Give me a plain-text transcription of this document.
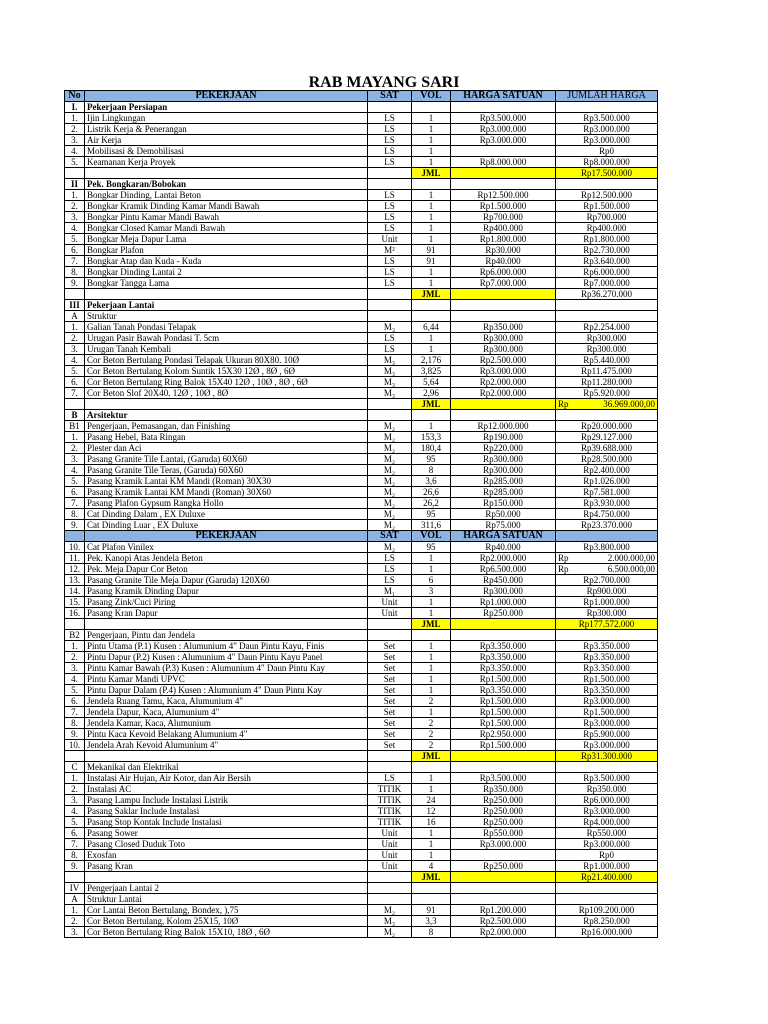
RAB MAYANG SARI
No	PEKERJAAN	SAT	VOL	HARGA SATUAN	JUMLAH HARGA
I.	Pekerjaan Persiapan				
1.	Ijin Lingkungan	LS	1	Rp3.500.000	Rp3.500.000
2.	Listrik Kerja & Penerangan	LS	1	Rp3.000.000	Rp3.000.000
3.	Air Kerja	LS	1	Rp3.000.000	Rp3.000.000
4.	Mobilisasi & Demobilisasi	LS	1		Rp0
5.	Keamanan Kerja Proyek	LS	1	Rp8.000.000	Rp8.000.000
			JML		Rp17.500.000
II	Pek. Bongkaran/Bobokan				
1.	Bongkar Dinding, Lantai Beton	LS	1	Rp12.500.000	Rp12.500.000
2.	Bongkar Kramik Dinding Kamar Mandi Bawah	LS	1	Rp1.500.000	Rp1.500.000
3.	Bongkar Pintu Kamar Mandi Bawah	LS	1	Rp700.000	Rp700.000
4.	Bongkar Closed Kamar Mandi Bawah	LS	1	Rp400.000	Rp400.000
5.	Bongkar Meja Dapur Lama	Unit	1	Rp1.800.000	Rp1.800.000
6.	Bongkar Plafon	M²	91	Rp30.000	Rp2.730.000
7.	Bongkar Atap dan Kuda - Kuda	LS	91	Rp40.000	Rp3.640.000
8.	Bongkar Dinding Lantai 2	LS	1	Rp6.000.000	Rp6.000.000
9.	Bongkar Tangga Lama	LS	1	Rp7.000.000	Rp7.000.000
			JML		Rp36.270.000
III	Pekerjaan Lantai				
A	Struktur				
1.	Galian Tanah Pondasi Telapak	M₃	6,44	Rp350.000	Rp2.254.000
2.	Urugan Pasir Bawah Pondasi T. 5cm	LS	1	Rp300.000	Rp300.000
3.	Urugan Tanah Kembali	LS	1	Rp300.000	Rp300.000
4.	Cor Beton Bertulang Pondasi Telapak Ukuran 80X80. 10Ø	M₃	2,176	Rp2.500.000	Rp5.440.000
5.	Cor Beton Bertulang Kolom Suntik 15X30 12Ø , 8Ø , 6Ø	M₃	3,825	Rp3.000.000	Rp11.475.000
6.	Cor Beton Bertulang Ring Balok 15X40 12Ø , 10Ø , 8Ø , 6Ø	M₃	5,64	Rp2.000.000	Rp11.280.000
7.	Cor Beton Slof 20X40. 12Ø , 10Ø , 8Ø	M₃	2,96	Rp2.000.000	Rp5.920.000
			JML		Rp 36.969.000,00

B	Arsitektur				
B1	Pengerjaan, Pemasangan, dan Finishing	M₂	1	Rp12.000.000	Rp20.000.000
1.	Pasang Hebel, Bata Ringan	M₂	153,3	Rp190.000	Rp29.127.000
2.	Plester dan Aci	M₂	180,4	Rp220.000	Rp39.688.000
3.	Pasang Granite Tile Lantai, (Garuda) 60X60	M₂	95	Rp300.000	Rp28.500.000
4.	Pasang Granite Tile Teras, (Garuda) 60X60	M₂	8	Rp300.000	Rp2.400.000
5.	Pasang Kramik Lantai KM Mandi (Roman) 30X30	M₂	3,6	Rp285.000	Rp1.026.000
6.	Pasang Kramik Lantai KM Mandi (Roman) 30X60	M₂	26,6	Rp285.000	Rp7.581.000
7.	Pasang Plafon Gypsum Rangka Hollo	M₂	26,2	Rp150.000	Rp3.930.000
8.	Cat Dinding Dalam , EX Duluxe	M₂	95	Rp50.000	Rp4.750.000
9.	Cat Dinding Luar , EX Duluxe	M₂	311,6	Rp75.000	Rp23.370.000
	PEKERJAAN	SAT	VOL	HARGA SATUAN	
10.	Cat Plafon Vinilex	M₂	95	Rp40.000	Rp3.800.000
11.	Pek. Kanopi Atas Jendela Beton	LS	1	Rp2.000.000	Rp 2.000.000,00

12.	Pek. Meja Dapur Cor Beton	LS	1	Rp6.500.000	Rp 6.500.000,00

13.	Pasang Granite Tile Meja Dapur (Garuda) 120X60	LS	6	Rp450.000	Rp2.700.000
14.	Pasang Kramik Dinding Dapur	M₁	3	Rp300.000	Rp900.000
15.	Pasang Zink/Cuci Piring	Unit	1	Rp1.000.000	Rp1.000.000
16.	Pasang Kran Dapur	Unit	1	Rp250.000	Rp300.000
			JML		Rp177.572.000
B2	Pengerjaan, Pintu dan Jendela				
1.	Pintu Utama (P.1) Kusen : Alumunium 4" Daun Pintu Kayu, Finis	Set	1	Rp3.350.000	Rp3.350.000
2.	Pintu Dapur (P.2) Kusen : Alumunium 4" Daun Pintu Kayu Panel	Set	1	Rp3.350.000	Rp3.350.000
3.	Pintu Kamar Bawah (P.3) Kusen : Alumunium 4" Daun Pintu Kay	Set	1	Rp3.350.000	Rp3.350.000
4.	Pintu Kamar Mandi UPVC	Set	1	Rp1.500.000	Rp1.500.000
5.	Pintu Dapur Dalam (P.4) Kusen : Alumunium 4" Daun Pintu Kay	Set	1	Rp3.350.000	Rp3.350.000
6.	Jendela Ruang Tamu, Kaca, Alumunium 4"	Set	2	Rp1.500.000	Rp3.000.000
7.	Jendela Dapur, Kaca, Alumunium 4"	Set	1	Rp1.500.000	Rp1.500.000
8.	Jendela Kamar, Kaca, Alumunium	Set	2	Rp1.500.000	Rp3.000.000
9.	Pintu Kaca Kevoid Belakang Alumunium 4"	Set	2	Rp2.950.000	Rp5.900.000
10.	Jendela Arah Kevoid Alumunium 4"	Set	2	Rp1.500.000	Rp3.000.000
			JML		Rp31.300.000
C	Mekanikal dan Elektrikal				
1.	Instalasi Air Hujan, Air Kotor, dan Air Bersih	LS	1	Rp3.500.000	Rp3.500.000
2.	Instalasi AC	TITIK	1	Rp350.000	Rp350.000
3.	Pasang Lampu Include Instalasi Listrik	TITIK	24	Rp250.000	Rp6.000.000
4.	Pasang Saklar Include Instalasi	TITIK	12	Rp250.000	Rp3.000.000
5.	Pasang Stop Kontak Include Instalasi	TITIK	16	Rp250.000	Rp4.000.000
6.	Pasang Sower	Unit	1	Rp550.000	Rp550.000
7.	Pasang Closed Duduk Toto	Unit	1	Rp3.000.000	Rp3.000.000
8.	Exosfan	Unit	1		Rp0
9.	Pasang Kran	Unit	4	Rp250.000	Rp1.000.000
			JML		Rp21.400.000
IV	Pengerjaan Lantai 2				
A	Struktur Lantai				
1.	Cor Lantai Beton Bertulang, Bondex, ),75	M₂	91	Rp1.200.000	Rp109.200.000
2.	Cor Beton Bertulang, Kolom 25X15, 10Ø	M₃	3,3	Rp2.500.000	Rp8.250.000
3.	Cor Beton Bertulang Ring Balok 15X10, 18Ø , 6Ø	M₂	8	Rp2.000.000	Rp16.000.000
